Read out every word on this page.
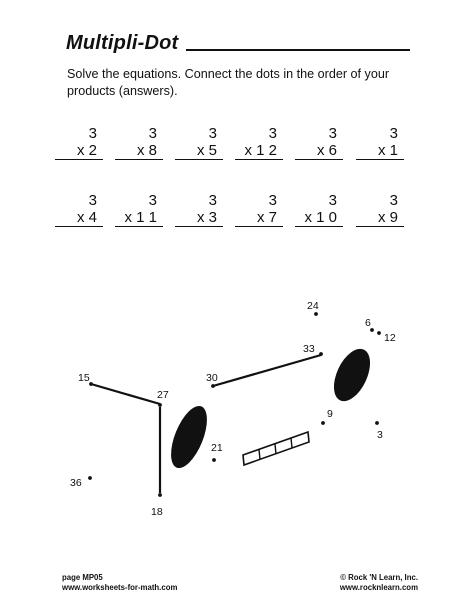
Multipli-Dot
Solve the equations. Connect the dots in the order of your products (answers).
3
x 2
3
x 8
3
x 5
3
x 1 2
3
x 6
3
x 1
3
x 4
3
x 1 1
3
x 3
3
x 7
3
x 1 0
3
x 9
24
6
12
33
30
15
27
9
3
21
36
18
page MP05
www.worksheets-for-math.com
© Rock 'N Learn, Inc.
www.rocknlearn.com
